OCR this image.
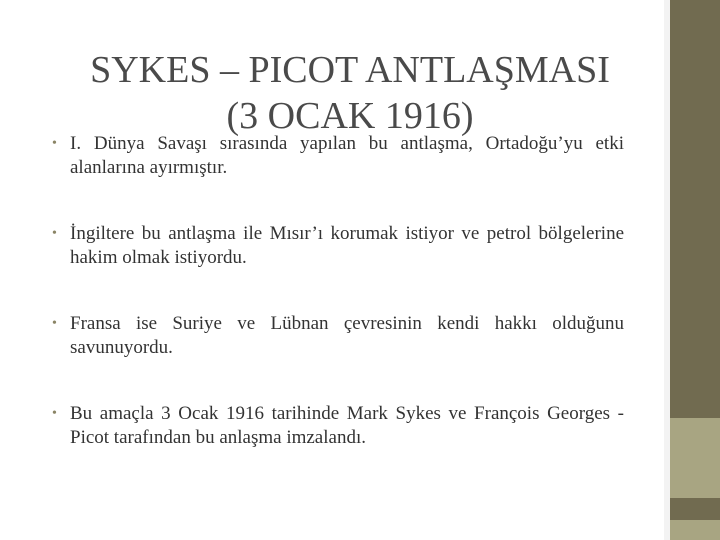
SYKES – PICOT ANTLAŞMASI
(3 OCAK 1916)
• I. Dünya Savaşı sırasında yapılan bu antlaşma, Ortadoğu’yu etki alanlarına ayırmıştır.
• İngiltere bu antlaşma ile Mısır’ı korumak istiyor ve petrol bölgelerine hakim olmak istiyordu.
• Fransa ise Suriye ve Lübnan çevresinin kendi hakkı olduğunu savunuyordu.
• Bu amaçla 3 Ocak 1916 tarihinde Mark Sykes ve François Georges - Picot tarafından bu anlaşma imzalandı.
